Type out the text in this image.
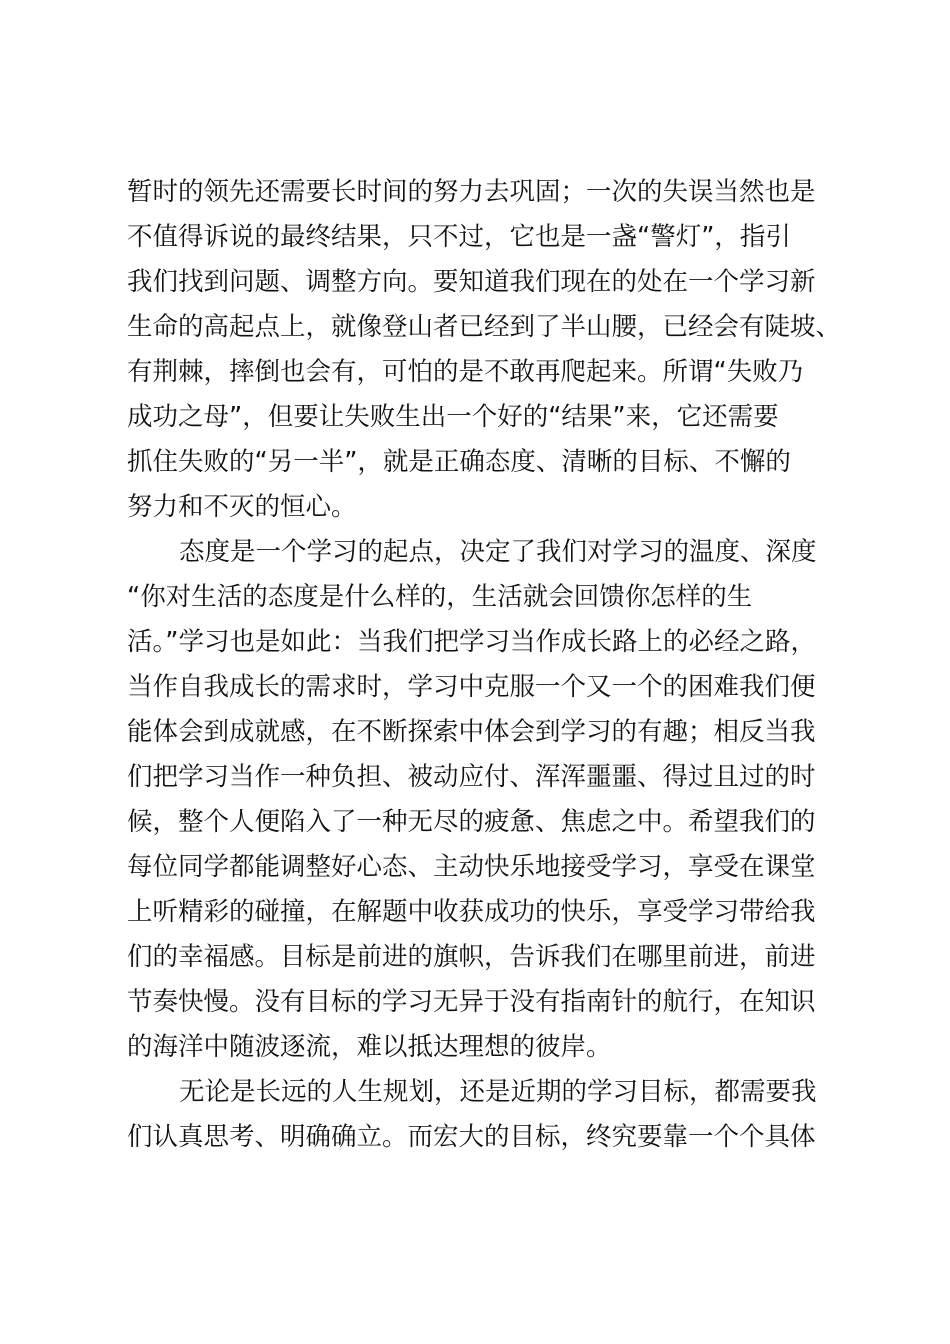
暂时的领先还需要长时间的努力去巩固；一次的失误当然也是
不值得诉说的最终结果，只不过，它也是一盏“警灯”，指引
我们找到问题、调整方向。要知道我们现在的处在一个学习新
生命的高起点上，就像登山者已经到了半山腰，已经会有陡坡、
有荆棘，摔倒也会有，可怕的是不敢再爬起来。所谓“失败乃
成功之母”，但要让失败生出一个好的“结果”来，它还需要
抓住失败的“另一半”，就是正确态度、清晰的目标、不懈的
努力和不灭的恒心。
态度是一个学习的起点，决定了我们对学习的温度、深度
“你对生活的态度是什么样的，生活就会回馈你怎样的生
活。”学习也是如此：当我们把学习当作成长路上的必经之路，
当作自我成长的需求时，学习中克服一个又一个的困难我们便
能体会到成就感，在不断探索中体会到学习的有趣；相反当我
们把学习当作一种负担、被动应付、浑浑噩噩、得过且过的时
候，整个人便陷入了一种无尽的疲惫、焦虑之中。希望我们的
每位同学都能调整好心态、主动快乐地接受学习，享受在课堂
上听精彩的碰撞，在解题中收获成功的快乐，享受学习带给我
们的幸福感。目标是前进的旗帜，告诉我们在哪里前进，前进
节奏快慢。没有目标的学习无异于没有指南针的航行，在知识
的海洋中随波逐流，难以抵达理想的彼岸。
无论是长远的人生规划，还是近期的学习目标，都需要我
们认真思考、明确确立。而宏大的目标，终究要靠一个个具体
